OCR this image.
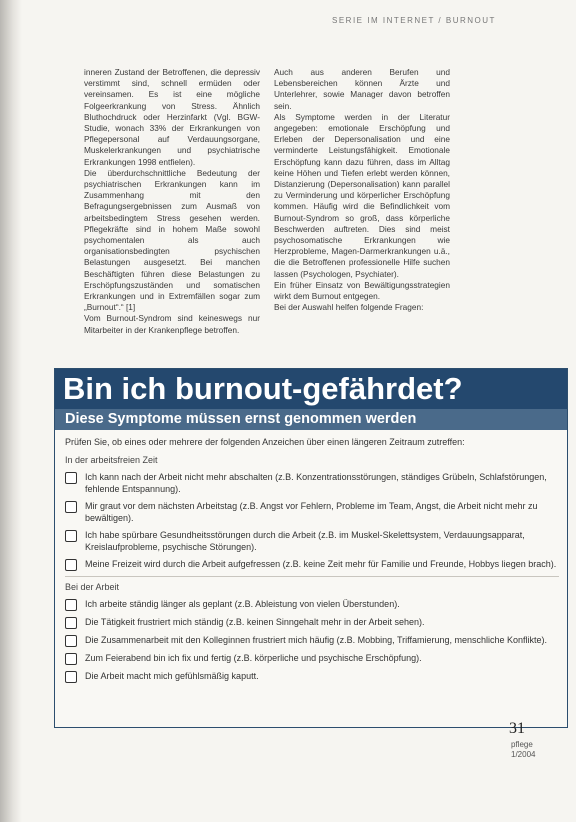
SERIE IM INTERNET / BURNOUT

inneren Zustand der Betroffenen, die depressiv verstimmt sind, schnell ermüden oder vereinsamen. Es ist eine mögliche Folgeerkrankung von Stress. Ähnlich Bluthochdruck oder Herzinfarkt (Vgl. BGW-Studie, wonach 33% der Erkrankungen von Pflegepersonal auf Verdauungsorgane, Muskelerkrankungen und psychiatrische Erkrankungen 1998 entfielen).

Die überdurchschnittliche Bedeutung der psychiatrischen Erkrankungen kann im Zusammenhang mit den Befragungsergebnissen zum Ausmaß von arbeitsbedingtem Stress gesehen werden. Pflegekräfte sind in hohem Maße sowohl psychomentalen als auch organisationsbedingten psychischen Belastungen ausgesetzt. Bei manchen Beschäftigten führen diese Belastungen zu Erschöpfungszuständen und somatischen Erkrankungen und in Extremfällen sogar zum „Burnout“.“ [1]

Vom Burnout-Syndrom sind keineswegs nur Mitarbeiter in der Krankenpflege betroffen.

Auch aus anderen Berufen und Lebensbereichen können Ärzte und Unterlehrer, sowie Manager davon betroffen sein.

Als Symptome werden in der Literatur angegeben: emotionale Erschöpfung und Erleben der Depersonalisation und eine verminderte Leistungsfähigkeit. Emotionale Erschöpfung kann dazu führen, dass im Alltag keine Höhen und Tiefen erlebt werden können, Distanzierung (Depersonalisation) kann parallel zu Verminderung und körperlicher Erschöpfung kommen. Häufig wird die Befindlichkeit vom Burnout-Syndrom so groß, dass körperliche Beschwerden auftreten. Dies sind meist psychosomatische Erkrankungen wie Herzprobleme, Magen-Darmerkrankungen u.ä., die die Betroffenen professionelle Hilfe suchen lassen (Psychologen, Psychiater).

Ein früher Einsatz von Bewältigungsstrategien wirkt dem Burnout entgegen.

Bei der Auswahl helfen folgende Fragen:

Bin ich burnout-gefährdet?
Diese Symptome müssen ernst genommen werden

Prüfen Sie, ob eines oder mehrere der folgenden Anzeichen über einen längeren Zeitraum zutreffen:

In der arbeitsfreien Zeit
Ich kann nach der Arbeit nicht mehr abschalten (z.B. Konzentrationsstörungen, ständiges Grübeln, Schlafstörungen, fehlende Entspannung).
Mir graut vor dem nächsten Arbeitstag (z.B. Angst vor Fehlern, Probleme im Team, Angst, die Arbeit nicht mehr zu bewältigen).
Ich habe spürbare Gesundheitsstörungen durch die Arbeit (z.B. im Muskel-Skelettsystem, Verdauungsapparat, Kreislaufprobleme, psychische Störungen).
Meine Freizeit wird durch die Arbeit aufgefressen (z.B. keine Zeit mehr für Familie und Freunde, Hobbys liegen brach).
Bei der Arbeit
Ich arbeite ständig länger als geplant (z.B. Ableistung von vielen Überstunden).
Die Tätigkeit frustriert mich ständig (z.B. keinen Sinngehalt mehr in der Arbeit sehen).
Die Zusammenarbeit mit den Kolleginnen frustriert mich häufig (z.B. Mobbing, Triffamierung, menschliche Konflikte).
Zum Feierabend bin ich fix und fertig (z.B. körperliche und psychische Erschöpfung).
Die Arbeit macht mich gefühlsmäßig kaputt.
31
pflege
1/2004
